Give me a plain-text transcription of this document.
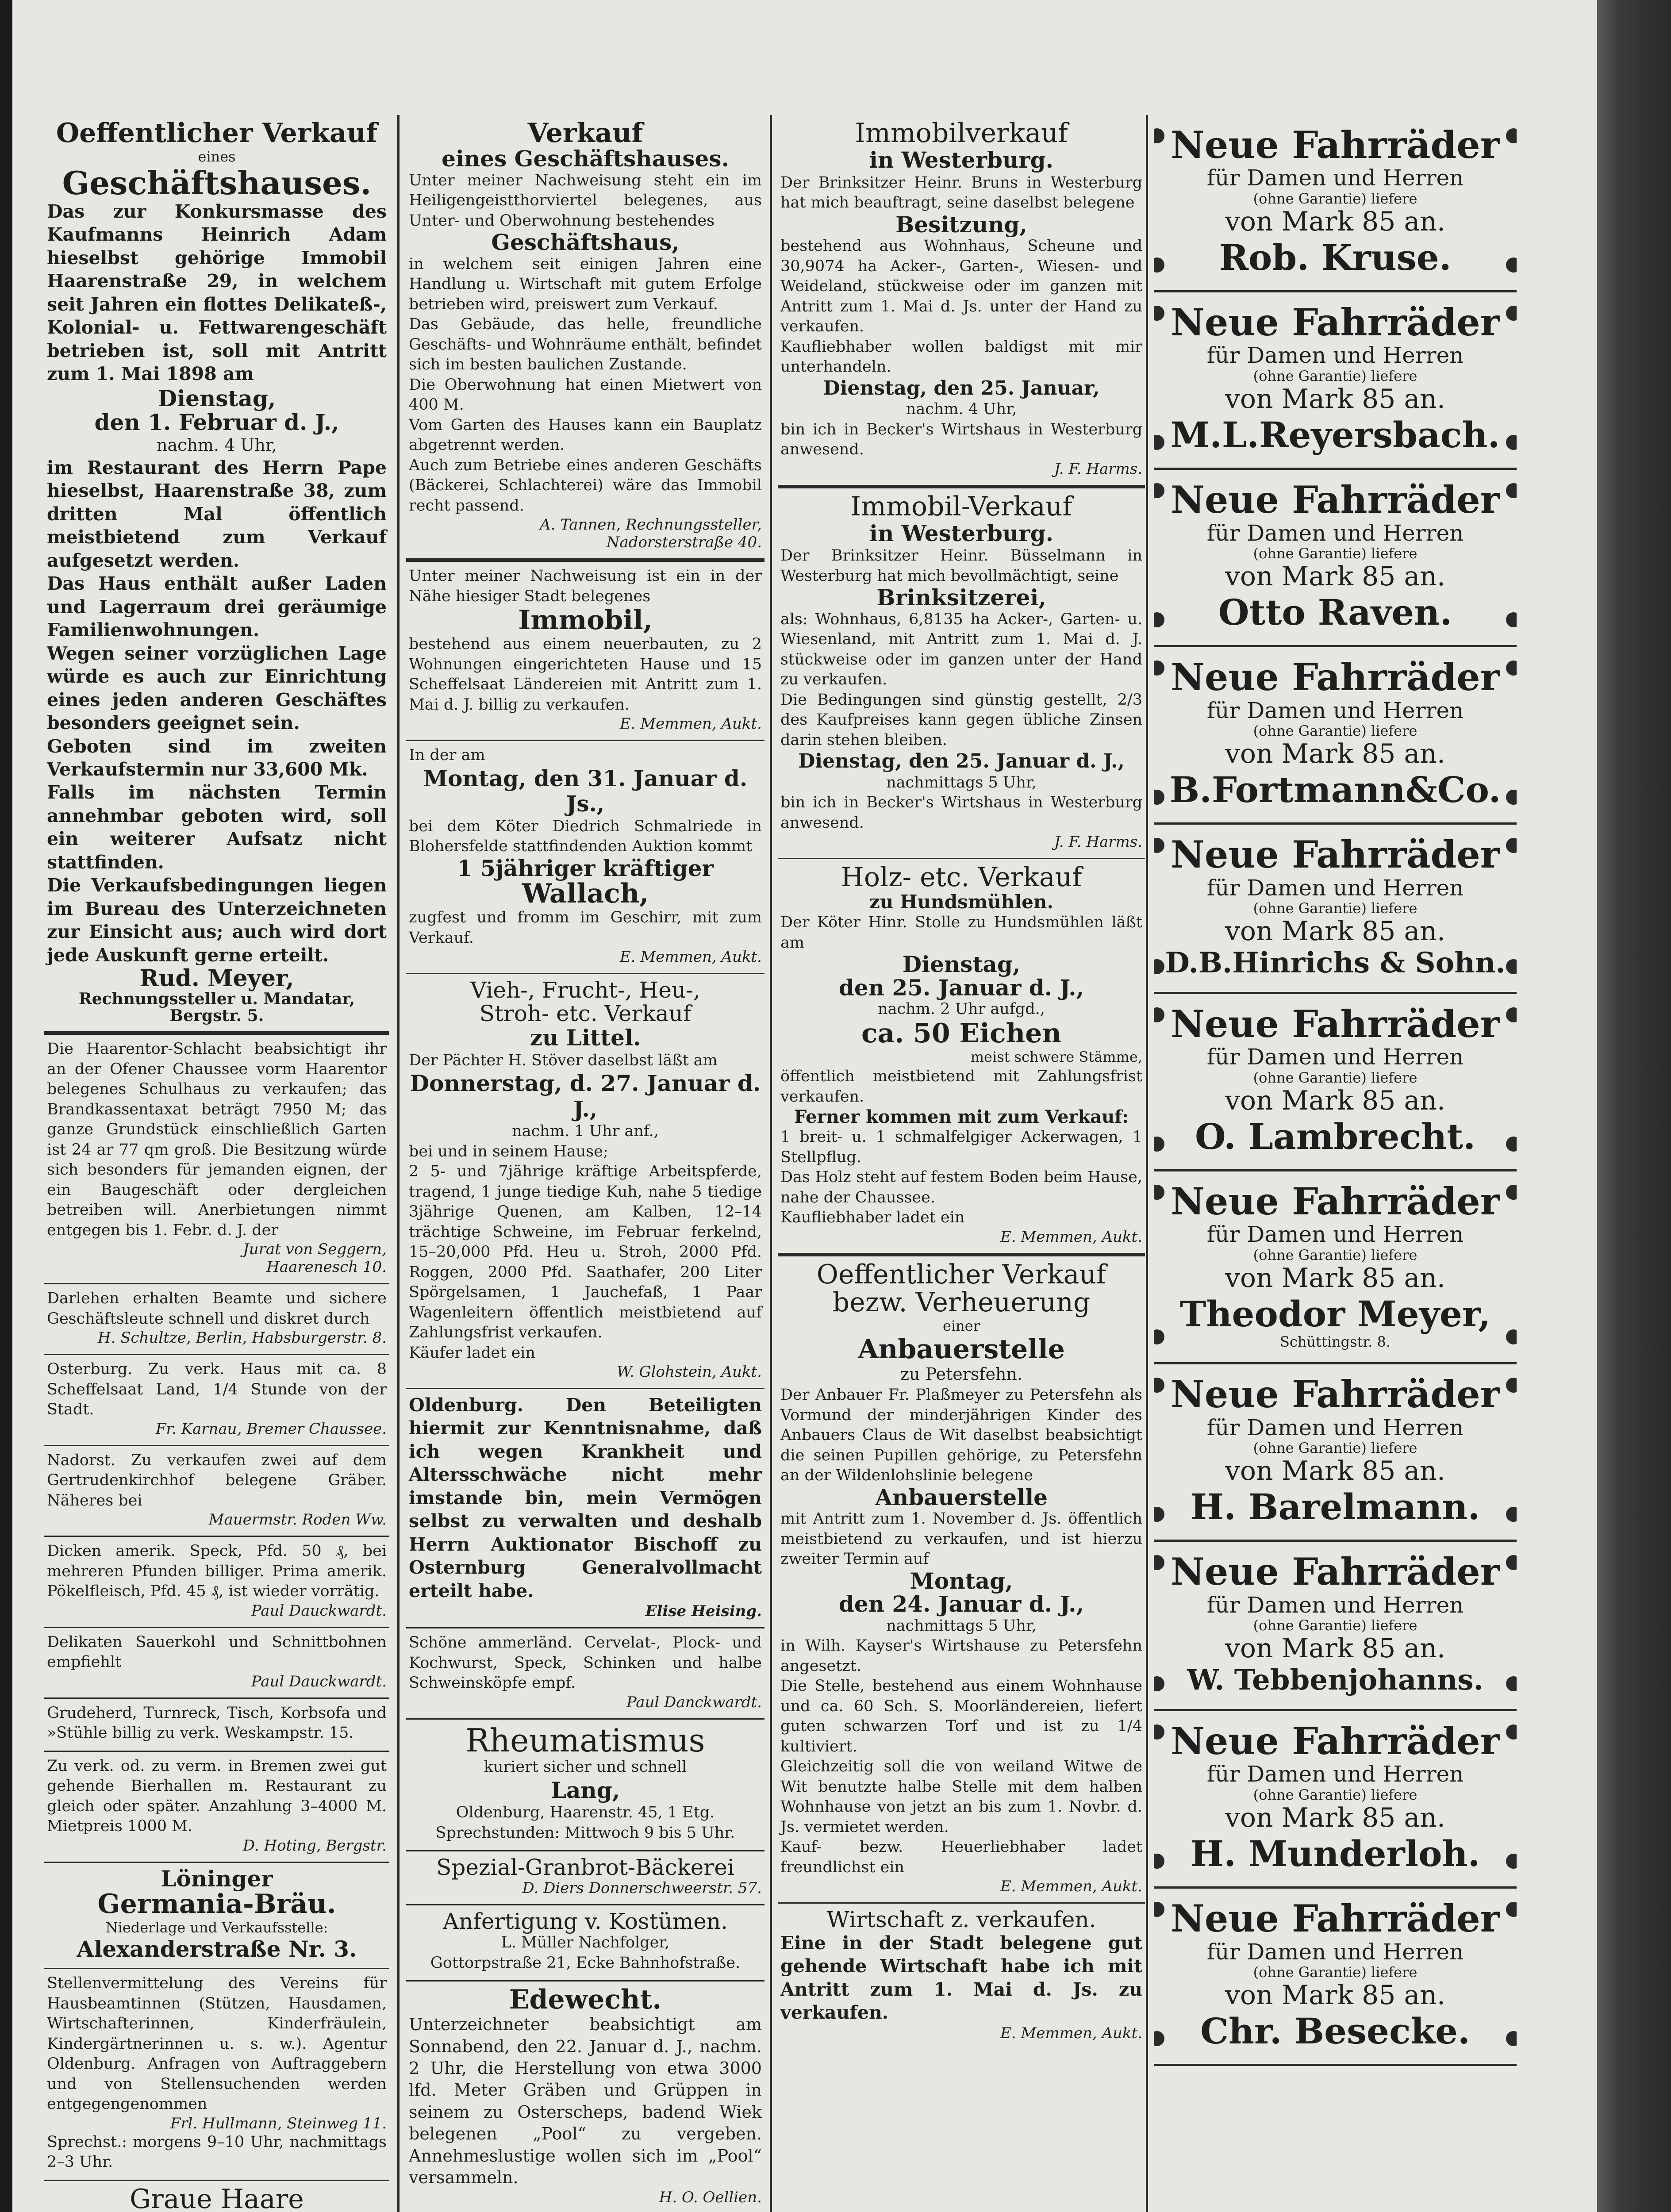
Oeffentlicher Verkauf
eines
Geschäftshauses.
Das zur Konkursmasse des Kaufmanns Heinrich Adam hieselbst gehörige Immobil Haarenstraße 29, in welchem seit Jahren ein flottes Delikateß-, Kolonial- u. Fettwarengeschäft betrieben ist, soll mit Antritt zum 1. Mai 1898 am
Dienstag,
den 1. Februar d. J.,
nachm. 4 Uhr,
im Restaurant des Herrn Pape hieselbst, Haarenstraße 38, zum dritten Mal öffentlich meistbietend zum Verkauf aufgesetzt werden.
Das Haus enthält außer Laden und Lagerraum drei geräumige Familienwohnungen.
Wegen seiner vorzüglichen Lage würde es auch zur Einrichtung eines jeden anderen Geschäftes besonders geeignet sein.
Geboten sind im zweiten Verkaufstermin nur 33,600 Mk.
Falls im nächsten Termin annehmbar geboten wird, soll ein weiterer Aufsatz nicht stattfinden.
Die Verkaufsbedingungen liegen im Bureau des Unterzeichneten zur Einsicht aus; auch wird dort jede Auskunft gerne erteilt.
Rud. Meyer,
Rechnungssteller u. Mandatar,
Bergstr. 5.
Die Haarentor-Schlacht beabsichtigt ihr an der Ofener Chaussee vorm Haarentor belegenes Schulhaus zu verkaufen; das Brandkassentaxat beträgt 7950 M; das ganze Grundstück einschließlich Garten ist 24 ar 77 qm groß. Die Besitzung würde sich besonders für jemanden eignen, der ein Baugeschäft oder dergleichen betreiben will. Anerbietungen nimmt entgegen bis 1. Febr. d. J. der
Jurat von Seggern,
Haarenesch 10.
Darlehen erhalten Beamte und sichere Geschäftsleute schnell und diskret durch
H. Schultze, Berlin, Habsburgerstr. 8.
Osterburg. Zu verk. Haus mit ca. 8 Scheffelsaat Land, 1/4 Stunde von der Stadt.
Fr. Karnau, Bremer Chaussee.
Nadorst. Zu verkaufen zwei auf dem Gertrudenkirchhof belegene Gräber. Näheres bei
Mauermstr. Roden Ww.
Dicken amerik. Speck, Pfd. 50 ₰, bei mehreren Pfunden billiger. Prima amerik. Pökelfleisch, Pfd. 45 ₰, ist wieder vorrätig.
Paul Dauckwardt.
Delikaten Sauerkohl und Schnittbohnen empfiehlt
Paul Dauckwardt.
Grudeherd, Turnreck, Tisch, Korbsofa und »Stühle billig zu verk. Weskampstr. 15.
Zu verk. od. zu verm. in Bremen zwei gut gehende Bierhallen m. Restaurant zu gleich oder später. Anzahlung 3–4000 M. Mietpreis 1000 M.
D. Hoting, Bergstr.
Löninger
Germania-Bräu.
Niederlage und Verkaufsstelle:
Alexanderstraße Nr. 3.
Stellenvermittelung des Vereins für Hausbeamtinnen (Stützen, Hausdamen, Wirtschafterinnen, Kinderfräulein, Kindergärtnerinnen u. s. w.). Agentur Oldenburg. Anfragen von Auftraggebern und von Stellensuchenden werden entgegengenommen
Frl. Hullmann, Steinweg 11.
Sprechst.: morgens 9–10 Uhr, nachmittags 2–3 Uhr.
Graue Haare
Verkauf
eines Geschäftshauses.
Unter meiner Nachweisung steht ein im Heiligengeistthorviertel belegenes, aus Unter- und Oberwohnung bestehendes
Geschäftshaus,
in welchem seit einigen Jahren eine Handlung u. Wirtschaft mit gutem Erfolge betrieben wird, preiswert zum Verkauf.
Das Gebäude, das helle, freundliche Geschäfts- und Wohnräume enthält, befindet sich im besten baulichen Zustande.
Die Oberwohnung hat einen Mietwert von 400 M.
Vom Garten des Hauses kann ein Bauplatz abgetrennt werden.
Auch zum Betriebe eines anderen Geschäfts (Bäckerei, Schlachterei) wäre das Immobil recht passend.
A. Tannen, Rechnungssteller,
Nadorsterstraße 40.
Unter meiner Nachweisung ist ein in der Nähe hiesiger Stadt belegenes
Immobil,
bestehend aus einem neuerbauten, zu 2 Wohnungen eingerichteten Hause und 15 Scheffelsaat Ländereien mit Antritt zum 1. Mai d. J. billig zu verkaufen.
E. Memmen, Aukt.
In der am
Montag, den 31. Januar d. Js.,
bei dem Köter Diedrich Schmalriede in Blohersfelde stattfindenden Auktion kommt
1 5jähriger kräftiger
Wallach,
zugfest und fromm im Geschirr, mit zum Verkauf.
E. Memmen, Aukt.
Vieh-, Frucht-, Heu-,
Stroh- etc. Verkauf
zu Littel.
Der Pächter H. Stöver daselbst läßt am
Donnerstag, d. 27. Januar d. J.,
nachm. 1 Uhr anf.,
bei und in seinem Hause;
2 5- und 7jährige kräftige Arbeitspferde, tragend, 1 junge tiedige Kuh, nahe 5 tiedige 3jährige Quenen, am Kalben, 12–14 trächtige Schweine, im Februar ferkelnd, 15–20,000 Pfd. Heu u. Stroh, 2000 Pfd. Roggen, 2000 Pfd. Saathafer, 200 Liter Spörgelsamen, 1 Jauchefaß, 1 Paar Wagenleitern öffentlich meistbietend auf Zahlungsfrist verkaufen.
Käufer ladet ein
W. Glohstein, Aukt.
Oldenburg. Den Beteiligten hiermit zur Kenntnisnahme, daß ich wegen Krankheit und Altersschwäche nicht mehr imstande bin, mein Vermögen selbst zu verwalten und deshalb Herrn Auktionator Bischoff zu Osternburg Generalvollmacht erteilt habe.
Elise Heising.
Schöne ammerländ. Cervelat-, Plock- und Kochwurst, Speck, Schinken und halbe Schweinsköpfe empf.
Paul Danckwardt.
Rheumatismus
kuriert sicher und schnell
Lang,
Oldenburg, Haarenstr. 45, 1 Etg.
Sprechstunden: Mittwoch 9 bis 5 Uhr.
Spezial-Granbrot-Bäckerei
D. Diers Donnerschweerstr. 57.
Anfertigung v. Kostümen.
L. Müller Nachfolger,
Gottorpstraße 21, Ecke Bahnhofstraße.
Edewecht.
Unterzeichneter beabsichtigt am Sonnabend, den 22. Januar d. J., nachm. 2 Uhr, die Herstellung von etwa 3000 lfd. Meter Gräben und Grüppen in seinem zu Osterscheps, badend Wiek belegenen „Pool“ zu vergeben. Annehmeslustige wollen sich im „Pool“ versammeln.
H. O. Oellien.
Immobilverkauf
in Westerburg.
Der Brinksitzer Heinr. Bruns in Westerburg hat mich beauftragt, seine daselbst belegene
Besitzung,
bestehend aus Wohnhaus, Scheune und 30,9074 ha Acker-, Garten-, Wiesen- und Weideland, stückweise oder im ganzen mit Antritt zum 1. Mai d. Js. unter der Hand zu verkaufen.
Kaufliebhaber wollen baldigst mit mir unterhandeln.
Dienstag, den 25. Januar,
nachm. 4 Uhr,
bin ich in Becker's Wirtshaus in Westerburg anwesend.
J. F. Harms.
Immobil-Verkauf
in Westerburg.
Der Brinksitzer Heinr. Büsselmann in Westerburg hat mich bevollmächtigt, seine
Brinksitzerei,
als: Wohnhaus, 6,8135 ha Acker-, Garten- u. Wiesenland, mit Antritt zum 1. Mai d. J. stückweise oder im ganzen unter der Hand zu verkaufen.
Die Bedingungen sind günstig gestellt, 2/3 des Kaufpreises kann gegen übliche Zinsen darin stehen bleiben.
Dienstag, den 25. Januar d. J.,
nachmittags 5 Uhr,
bin ich in Becker's Wirtshaus in Westerburg anwesend.
J. F. Harms.
Holz- etc. Verkauf
zu Hundsmühlen.
Der Köter Hinr. Stolle zu Hundsmühlen läßt am
Dienstag,
den 25. Januar d. J.,
nachm. 2 Uhr aufgd.,
ca. 50 Eichen
meist schwere Stämme,
öffentlich meistbietend mit Zahlungsfrist verkaufen.
Ferner kommen mit zum Verkauf:
1 breit- u. 1 schmalfelgiger Ackerwagen, 1 Stellpflug.
Das Holz steht auf festem Boden beim Hause, nahe der Chaussee.
Kaufliebhaber ladet ein
E. Memmen, Aukt.
Oeffentlicher Verkauf
bezw. Verheuerung
einer
Anbauerstelle
zu Petersfehn.
Der Anbauer Fr. Plaßmeyer zu Petersfehn als Vormund der minderjährigen Kinder des Anbauers Claus de Wit daselbst beabsichtigt die seinen Pupillen gehörige, zu Petersfehn an der Wildenlohslinie belegene
Anbauerstelle
mit Antritt zum 1. November d. Js. öffentlich meistbietend zu verkaufen, und ist hierzu zweiter Termin auf
Montag,
den 24. Januar d. J.,
nachmittags 5 Uhr,
in Wilh. Kayser's Wirtshause zu Petersfehn angesetzt.
Die Stelle, bestehend aus einem Wohnhause und ca. 60 Sch. S. Moorländereien, liefert guten schwarzen Torf und ist zu 1/4 kultiviert.
Gleichzeitig soll die von weiland Witwe de Wit benutzte halbe Stelle mit dem halben Wohnhause von jetzt an bis zum 1. Novbr. d. Js. vermietet werden.
Kauf- bezw. Heuerliebhaber ladet freundlichst ein
E. Memmen, Aukt.
Wirtschaft z. verkaufen.
Eine in der Stadt belegene gut gehende Wirtschaft habe ich mit Antritt zum 1. Mai d. Js. zu verkaufen.
E. Memmen, Aukt.
Neue Fahrräder
für Damen und Herren
(ohne Garantie) liefere
von Mark 85 an.
Rob. Kruse.
Neue Fahrräder
für Damen und Herren
(ohne Garantie) liefere
von Mark 85 an.
M.L.Reyersbach.
Neue Fahrräder
für Damen und Herren
(ohne Garantie) liefere
von Mark 85 an.
Otto Raven.
Neue Fahrräder
für Damen und Herren
(ohne Garantie) liefere
von Mark 85 an.
B.Fortmann&Co.
Neue Fahrräder
für Damen und Herren
(ohne Garantie) liefere
von Mark 85 an.
D.B.Hinrichs & Sohn.
Neue Fahrräder
für Damen und Herren
(ohne Garantie) liefere
von Mark 85 an.
O. Lambrecht.
Neue Fahrräder
für Damen und Herren
(ohne Garantie) liefere
von Mark 85 an.
Theodor Meyer,
Schüttingstr. 8.
Neue Fahrräder
für Damen und Herren
(ohne Garantie) liefere
von Mark 85 an.
H. Barelmann.
Neue Fahrräder
für Damen und Herren
(ohne Garantie) liefere
von Mark 85 an.
W. Tebbenjohanns.
Neue Fahrräder
für Damen und Herren
(ohne Garantie) liefere
von Mark 85 an.
H. Munderloh.
Neue Fahrräder
für Damen und Herren
(ohne Garantie) liefere
von Mark 85 an.
Chr. Besecke.
